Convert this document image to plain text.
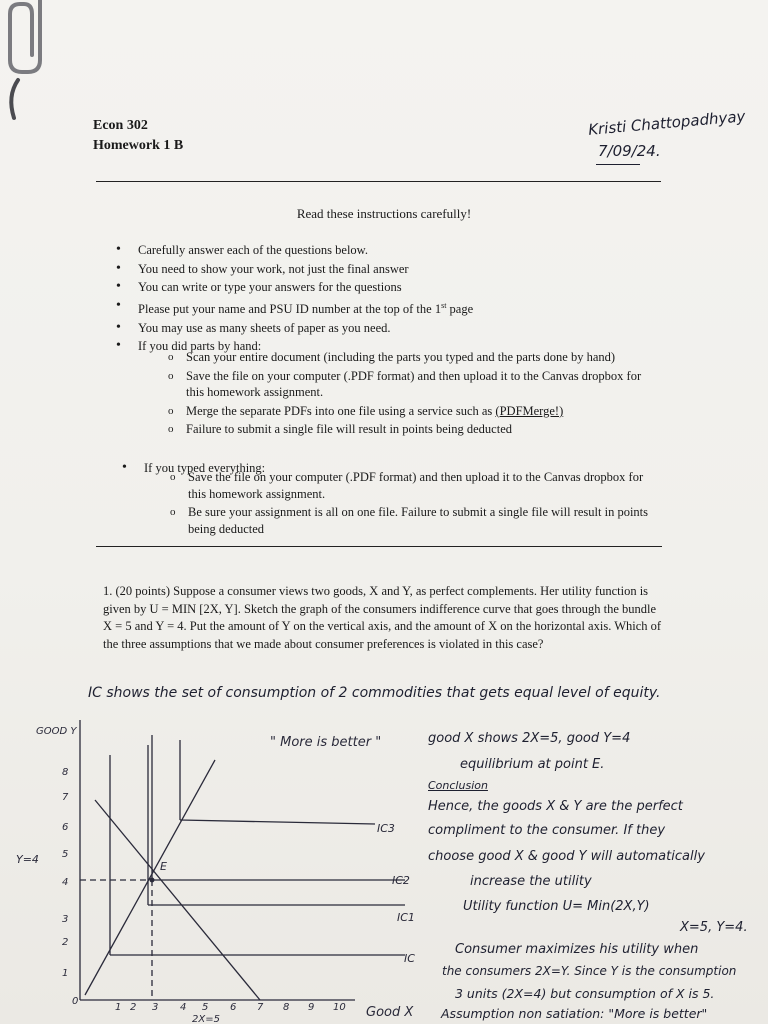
Econ 302
Homework 1 B
Kristi Chattopadhyay
7/09/24.
Read these instructions carefully!
• Carefully answer each of the questions below.
• You need to show your work, not just the final answer
• You can write or type your answers for the questions
• Please put your name and PSU ID number at the top of the 1st page
• You may use as many sheets of paper as you need.
• If you did parts by hand:
o Scan your entire document (including the parts you typed and the parts done by hand)
o Save the file on your computer (.PDF format) and then upload it to the Canvas dropbox for this homework assignment.
o Merge the separate PDFs into one file using a service such as (PDFMerge!)
o Failure to submit a single file will result in points being deducted
• If you typed everything:
o Save the file on your computer (.PDF format) and then upload it to the Canvas dropbox for this homework assignment.
o Be sure your assignment is all on one file. Failure to submit a single file will result in points being deducted
1. (20 points) Suppose a consumer views two goods, X and Y, as perfect complements. Her utility function is given by U = MIN [2X, Y]. Sketch the graph of the consumers indifference curve that goes through the bundle X = 5 and Y = 4. Put the amount of Y on the vertical axis, and the amount of X on the horizontal axis. Which of the three assumptions that we made about consumer preferences is violated in this case?
IC shows the set of consumption of 2 commodities that gets equal level of equity.
GOOD Y
Y=4
8
7
6
5
4
3
2
1
0
1 2 3 4 5 6 7 8 9 10
2X=5	Good X
E
" More is better "
IC3
IC2
IC1
IC
good X shows 2X=5, good Y=4
equilibrium at point E.
Conclusion
Hence, the goods X & Y are the perfect
compliment to the consumer. If they
choose good X & good Y will automatically
increase the utility
Utility function U= Min(2X,Y)
X=5, Y=4.
Consumer maximizes his utility when
the consumers 2X=Y. Since Y is the consumption
3 units (2X=4) but consumption of X is 5.
Assumption non satiation: "More is better"
